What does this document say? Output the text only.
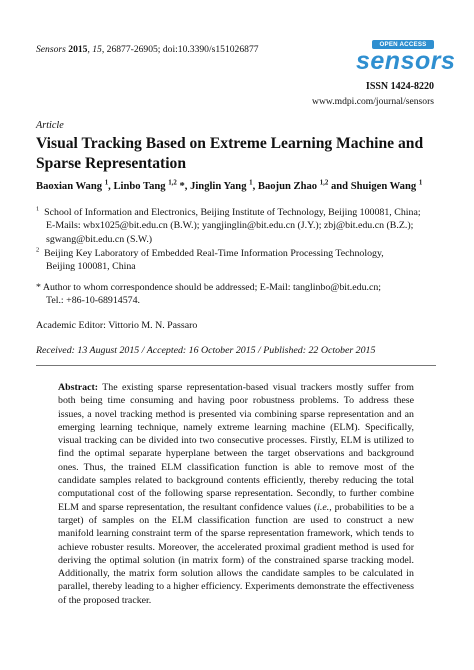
Sensors 2015, 15, 26877-26905; doi:10.3390/s151026877	OPEN ACCESS
sensors
ISSN 1424-8220
www.mdpi.com/journal/sensors
Article
Visual Tracking Based on Extreme Learning Machine and Sparse Representation
Baoxian Wang $^1$, Linbo Tang $^{1,2}$ *, Jinglin Yang $^1$, Baojun Zhao $^{1,2}$ and Shuigen Wang $^1$
$^1$ School of Information and Electronics, Beijing Institute of Technology, Beijing 100081, China;
E-Mails: wbx1025@bit.edu.cn (B.W.); yangjinglin@bit.edu.cn (J.Y.); zbj@bit.edu.cn (B.Z.);
sgwang@bit.edu.cn (S.W.)
$^2$ Beijing Key Laboratory of Embedded Real-Time Information Processing Technology,
Beijing 100081, China
* Author to whom correspondence should be addressed; E-Mail: tanglinbo@bit.edu.cn;
Tel.: +86-10-68914574.
Academic Editor: Vittorio M. N. Passaro
Received: 13 August 2015 / Accepted: 16 October 2015 / Published: 22 October 2015
Abstract: The existing sparse representation-based visual trackers mostly suffer from both being time consuming and having poor robustness problems. To address these issues, a novel tracking method is presented via combining sparse representation and an emerging learning technique, namely extreme learning machine (ELM). Specifically, visual tracking can be divided into two consecutive processes. Firstly, ELM is utilized to find the optimal separate hyperplane between the target observations and background ones. Thus, the trained ELM classification function is able to remove most of the candidate samples related to background contents efficiently, thereby reducing the total computational cost of the following sparse representation. Secondly, to further combine ELM and sparse representation, the resultant confidence values (i.e., probabilities to be a target) of samples on the ELM classification function are used to construct a new manifold learning constraint term of the sparse representation framework, which tends to achieve robuster results. Moreover, the accelerated proximal gradient method is used for deriving the optimal solution (in matrix form) of the constrained sparse tracking model. Additionally, the matrix form solution allows the candidate samples to be calculated in parallel, thereby leading to a higher efficiency. Experiments demonstrate the effectiveness of the proposed tracker.
